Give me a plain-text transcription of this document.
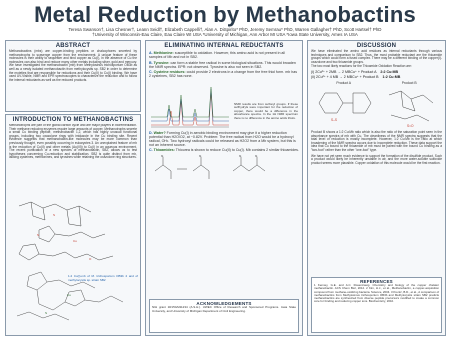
Metal Reduction by Methanobactins
Teresa Swanson†, Lisa Chesner†, Leann Seidl†, Elizabeth Cappelli†, Alan A. DiSpirito* PhD, Jeremy Semrau* PhD, Warren Gallagher† PhD, Scott Hartsel† PhD
†University of Wisconsin-Eau Claire, Eau Claire WI USA *University of Michigan, Ann Arbor MI USA *Iowa State University, Ames IA USA
ABSTRACT
Methanobactins (mbs) are copper-binding peptides or chalcophores secreted by methanotrophs to scavenge copper from the environment. A unique feature of these molecules is their ability to sequester and bind copper as Cu(I), in the absence of Cu the molecules can also bind and reduce many other metals including silver, gold and mercury. We have investigated the methanobactin (mb) from Methylosinus trichosporium OB3b as well as a newly isolated methanobactin from methylocystis sp. SB2 in order to determine the moieties that are responsible for reductions and their Cu(II) to Cu(I) binding. We have used UV-Visible, NMR and EPR spectroscopies to characterize the reduction and to follow the internal reductants as well as the reduced products.
INTRODUCTION TO METHANOBACTINS
Methanotrophs are part of the global carbon cycle and are major players in bioremediation. Their methane reducing enzymes require large amounts of copper. Methanotrophs secrete a small Cu binding peptide, methanobactin 1,2, which has highly unusual functional groups, including two oxazolone rings with imidazole in the Cu binding site. Recent evidence suggests that methanobactin-like molecules may be more common than previously thought, even possibly occurring in eukaryotes 3. An unexplained feature of mb is the reduction of Cu(II) and other metals (Au(III)) to Cu(I) in an aqueous environment. The recent purification of a new species of methanobactin, SB2, allows us to test hypotheses concerning Cu-reduction and stabilization. SB2 is quite distinct from mb, lacking cysteines, methionines, and tyrosines while retaining the oxazolone ring structures.
S
Cu
N
O
Cu
S
1.2 Cu(I)-mb of M. trichosporium OB3b 2 and of methylocystis sp. strain SB2
ELIMINATING INTERNAL REDUCTANTS
A. Methionine: susceptible to oxidation. However, this amino acid is not present in all samples of Mb and not in SB2.
B. Tyrosine: can form a stable free radical in some biological situations. This would broaden the NMR spectra. EPR: not observed. Tyrosine is also not seen in SB2.
C. Cysteine residues: could provide 2 electrons in a change from the free thiol form. mb has 2 cysteines, SB2 has none.
NMR results are from sulfonyl groups. If these sulfhydryls were important for the reduction of copper, there would be a difference in the absorbance spectra. In the 1H NMR spectrum there is no difference in the amino acids thiols.
D. Water? Forming Cu(I) in aerobic binding environment may give it a higher reduction potential than H2O/O2, at ~0.82V. Problem: The free radical from H2O would be a hydroxyl radical, OH•. Two hydroxyl radicals could be released as H2O2 from a Mb system, but this is not an inherent source.
C. Thioamides: Thiourea is shown to reduce Cu(II) to Cu(I). Mb contains 2 similar thioamides.
S	S	S	S
ACKNOWLEDGEMENTS
NIH grant 1R15GM11234 (A.S.H.). UWEC Office of Research and Sponsored Programs. Iowa State University, and University of Michigan Department of Civil Engineering.
DISCUSSION
We have eliminated the amino acid residues as internal reductants through various techniques and comparison to SB2. Thus, the most probable reductant are the thioamide groups which could form a fused complex. There may be a different binding of the copper(I)-oxazolone and two thioamide groups.
The two most likely reactions for the Thioamide Oxidation Reaction are:
(i) 2Cu²⁺ + 2MB → 2 MBCu⁺ + Product A 2:2 Cu:MB
(ii) 2Cu²⁺ + 4 MB → 2 MBCu⁺ + Product B 1:2 Cu:MB
Product A	Product B
S–S
S=O
Product B shows a 1:2 Cu:Mb ratio which is also the ratio of the saturation point seen in the absorbance spectra of mb with Cu. The cleanliness of the NMR spectra suggests that the total level of reduction is mostly incomplete. However, 1:2 Cu:Mb is the ratio at which broadening of the NMR spectra occurs due to incomplete reduction. These data support the idea that Cu bound to the thioamide of mb must be paired with the bound Cu binding as a "two-foot" rather than the other "one-foot" type.
We have not yet seen much evidence to support the formation of the disulfide product. Such a product would likely be inherently unstable in air, and the more water-soluble sulfoxide product seems more plausible. Copper oxidation of this molecule would be the first reaction.
REFERENCES
1 Kenney, G.E. and A.C. Rosenzweig. Chemistry and biology of the copper chelator methanobactin. ACS Chem Biol, 2012. 2 Kim, H.J., et al., Methanobactin, a copper-acquisition compound from methane-oxidizing bacteria. Science, 2004. 3 Krentz, B.D., et al., A comparison of methanobactins from Methylosinus trichosporium OB3b and Methylocystis strain SB2 predicts methanobactins are synthesized from diverse peptide precursors modified to create a common core for binding and reducing copper ions. Biochemistry, 2010.
